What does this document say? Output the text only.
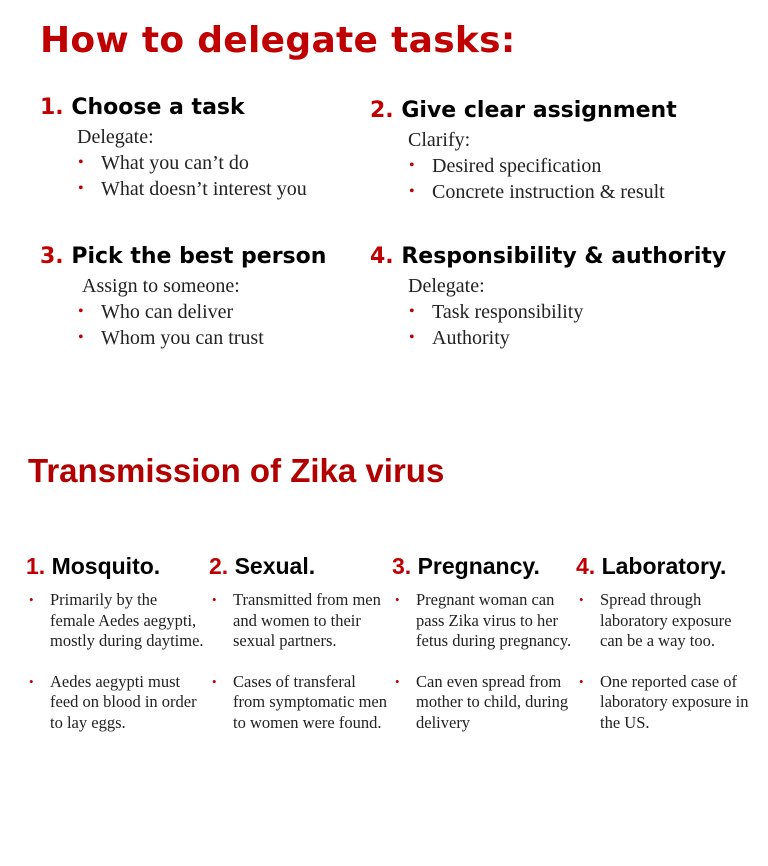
How to delegate tasks:
1. Choose a task
Delegate:
• What you can’t do
• What doesn’t interest you
2. Give clear assignment
Clarify:
• Desired specification
• Concrete instruction & result
3. Pick the best person
Assign to someone:
• Who can deliver
• Whom you can trust
4. Responsibility & authority
Delegate:
• Task responsibility
• Authority
Transmission of Zika virus
1. Mosquito.
• Primarily by the female Aedes aegypti, mostly during daytime.
• Aedes aegypti must feed on blood in order to lay eggs.
2. Sexual.
• Transmitted from men and women to their sexual partners.
• Cases of transferal from symptomatic men to women were found.
3. Pregnancy.
• Pregnant woman can pass Zika virus to her fetus during pregnancy.
• Can even spread from mother to child, during delivery
4. Laboratory.
• Spread through laboratory exposure can be a way too.
• One reported case of laboratory exposure in the US.
